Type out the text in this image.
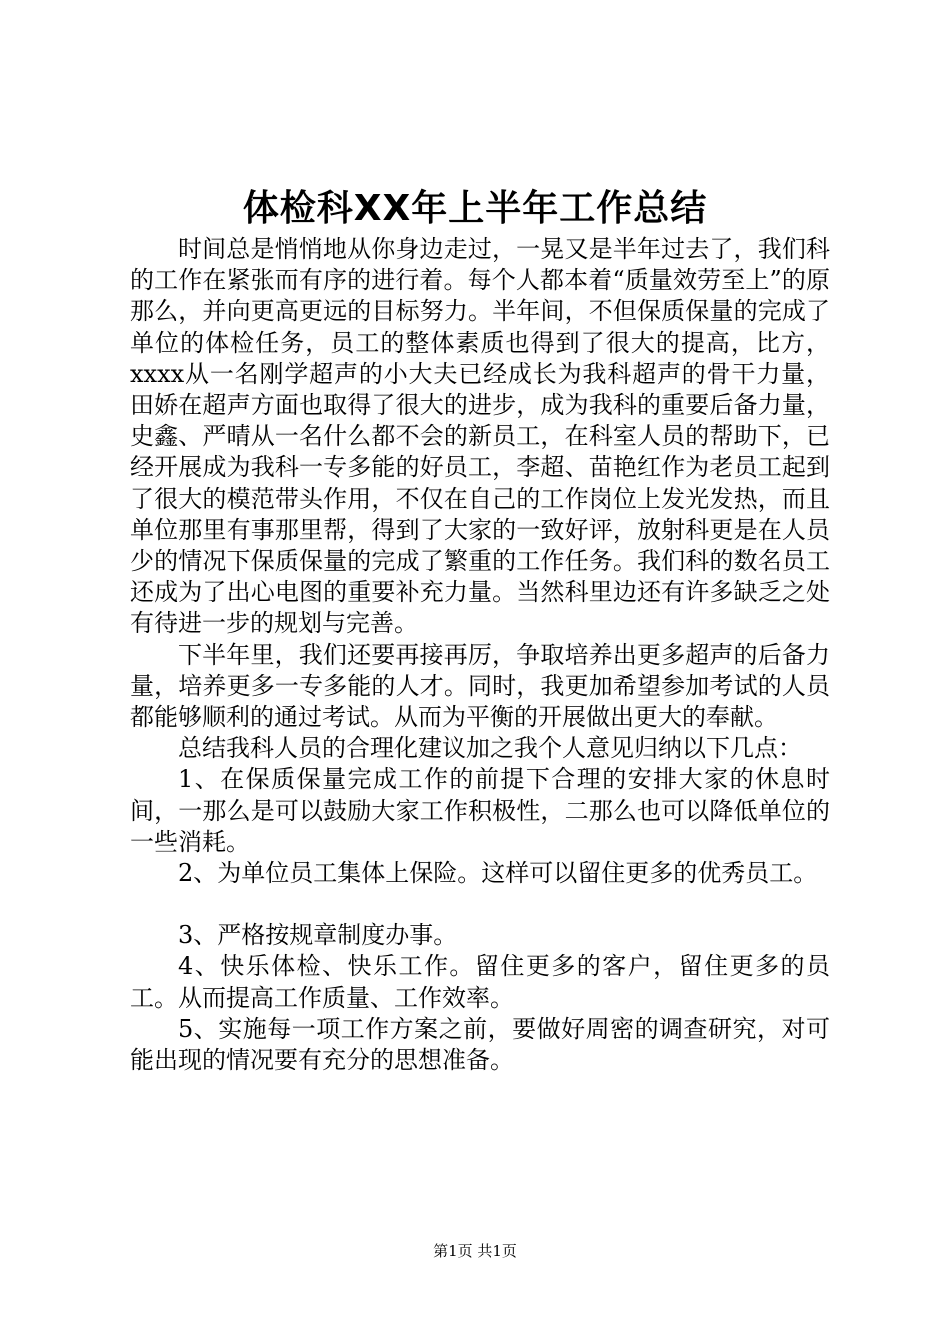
体检科XX年上半年工作总结

时间总是悄悄地从你身边走过，一晃又是半年过去了，我们科的工作在紧张而有序的进行着。每个人都本着“质量效劳至上”的原那么，并向更高更远的目标努力。半年间，不但保质保量的完成了单位的体检任务，员工的整体素质也得到了很大的提高，比方，xxxx从一名刚学超声的小大夫已经成长为我科超声的骨干力量，田娇在超声方面也取得了很大的进步，成为我科的重要后备力量，史鑫、严晴从一名什么都不会的新员工，在科室人员的帮助下，已经开展成为我科一专多能的好员工，李超、苗艳红作为老员工起到了很大的模范带头作用，不仅在自己的工作岗位上发光发热，而且单位那里有事那里帮，得到了大家的一致好评，放射科更是在人员少的情况下保质保量的完成了繁重的工作任务。我们科的数名员工还成为了出心电图的重要补充力量。当然科里边还有许多缺乏之处有待进一步的规划与完善。

下半年里，我们还要再接再厉，争取培养出更多超声的后备力量，培养更多一专多能的人才。同时，我更加希望参加考试的人员都能够顺利的通过考试。从而为平衡的开展做出更大的奉献。

总结我科人员的合理化建议加之我个人意见归纳以下几点：

1、在保质保量完成工作的前提下合理的安排大家的休息时间，一那么是可以鼓励大家工作积极性，二那么也可以降低单位的一些消耗。

2、为单位员工集体上保险。这样可以留住更多的优秀员工。

3、严格按规章制度办事。

4、快乐体检、快乐工作。留住更多的客户，留住更多的员工。从而提高工作质量、工作效率。

5、实施每一项工作方案之前，要做好周密的调查研究，对可能出现的情况要有充分的思想准备。

第1页 共1页
